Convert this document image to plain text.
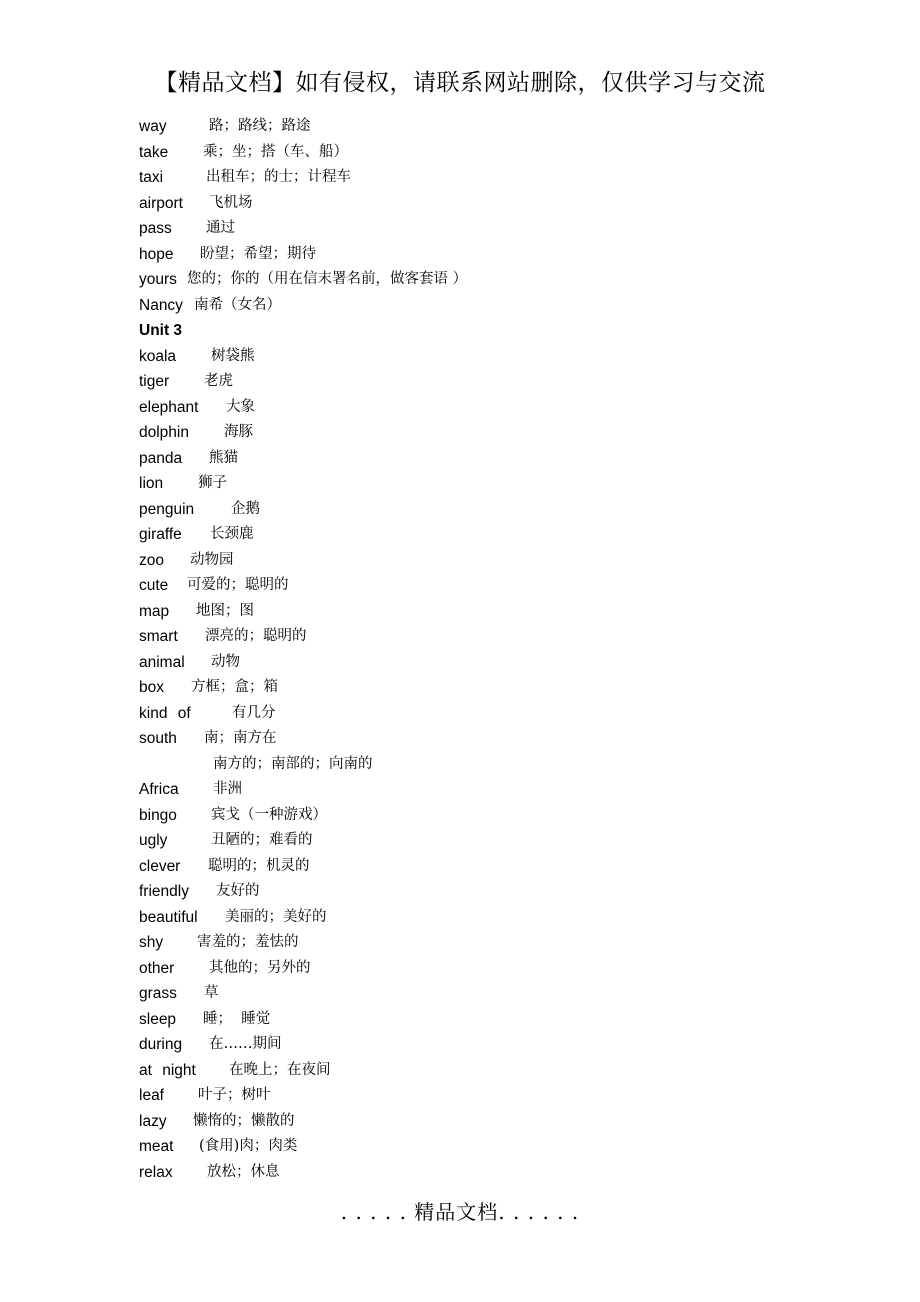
【精品文档】如有侵权，请联系网站删除，仅供学习与交流
way	路；路线；路途
take 乘；坐；搭（车、船）
taxi	出租车；的士；计程车
airport 飞机场
pass 通过
hope 盼望；希望；期待
yours 您的；你的（用在信末署名前，做客套语 ）
Nancy 南希（女名）
Unit 3
koala 树袋熊
tiger 老虎
elephant 大象
dolphin 海豚
panda 熊猫
lion 狮子
penguin	企鹅
giraffe 长颈鹿
zoo 动物园
cute 可爱的；聪明的
map 地图；图
smart 漂亮的；聪明的
animal 动物
box 方框；盒；箱
kind of	有几分
south 南；南方在
南方的；南部的；向南的
Africa 非洲
bingo 宾戈（一种游戏）
ugly	丑陋的；难看的
clever 聪明的；机灵的
friendly 友好的
beautiful 美丽的；美好的
shy 害羞的；羞怯的
other 其他的；另外的
grass 草
sleep 睡；  睡觉
during 在……期间
at night 在晚上；在夜间
leaf 叶子；树叶
lazy 懒惰的；懒散的
meat (食用)肉；肉类
relax 放松；休息
. . . . . 精品文档. . . . . .
